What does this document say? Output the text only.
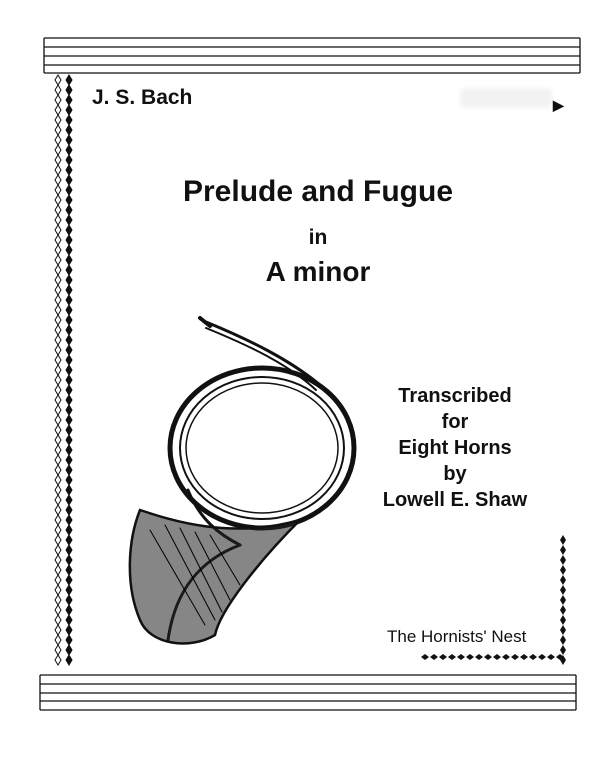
▶
J. S. Bach
Prelude and Fugue
in
A minor
Transcribed
for
Eight Horns
by
Lowell E. Shaw
The Hornists' Nest
